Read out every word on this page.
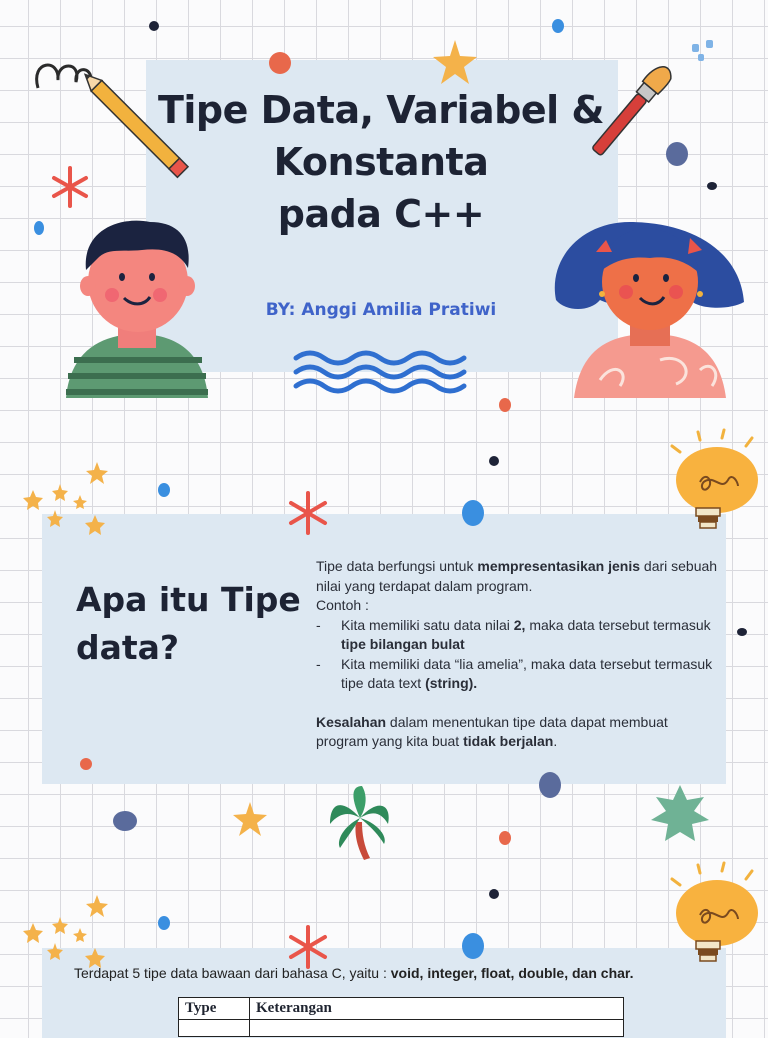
Tipe Data, Variabel &
Konstanta
pada C++
BY: Anggi Amilia Pratiwi
Apa itu Tipe data?

Tipe data berfungsi untuk mempresentasikan jenis dari sebuah nilai yang terdapat dalam program.

Contoh :

- Kita memiliki satu data nilai 2, maka data tersebut termasuk tipe bilangan bulat
- Kita memiliki data “lia amelia”, maka data tersebut termasuk tipe data text (string).

Kesalahan dalam menentukan tipe data dapat membuat program yang kita buat tidak berjalan.

Terdapat 5 tipe data bawaan dari bahasa C, yaitu : void, integer, float, double, dan char.
Type	Keterangan
